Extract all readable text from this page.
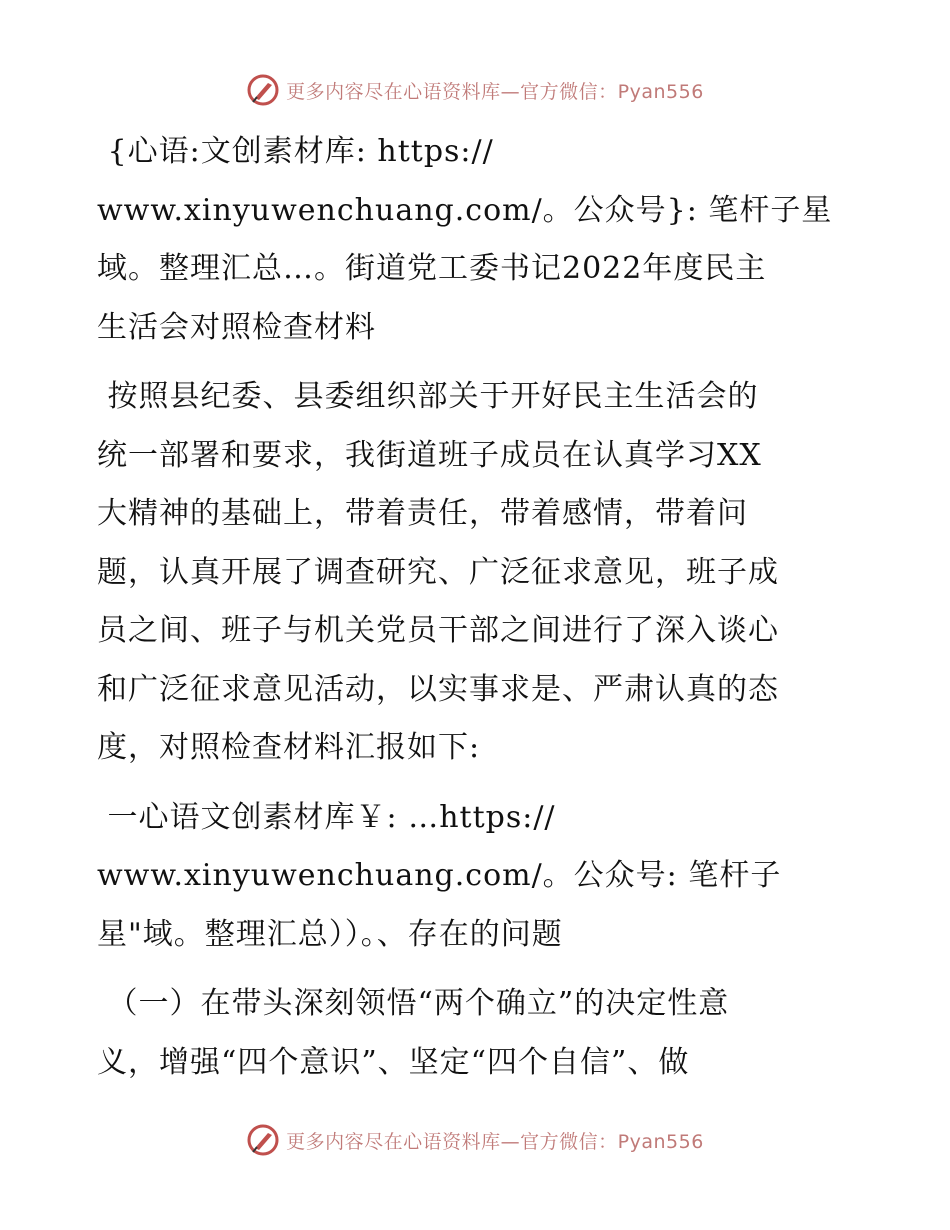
更多内容尽在心语资料库—官方微信：Pyan556

{心语:文创素材库: https://

www.xinyuwenchuang.com/。公众号}: 笔杆子星

域。整理汇总…。街道党工委书记2022年度民主

生活会对照检查材料

按照县纪委、县委组织部关于开好民主生活会的

统一部署和要求，我街道班子成员在认真学习XX

大精神的基础上，带着责任，带着感情，带着问

题，认真开展了调查研究、广泛征求意见，班子成

员之间、班子与机关党员干部之间进行了深入谈心

和广泛征求意见活动，以实事求是、严肃认真的态

度，对照检查材料汇报如下:

一心语文创素材库￥: …https://

www.xinyuwenchuang.com/。公众号: 笔杆子

星"域。整理汇总））。、存在的问题

（一）在带头深刻领悟“两个确立”的决定性意

义，增强“四个意识”、坚定“四个自信”、做

更多内容尽在心语资料库—官方微信：Pyan556
